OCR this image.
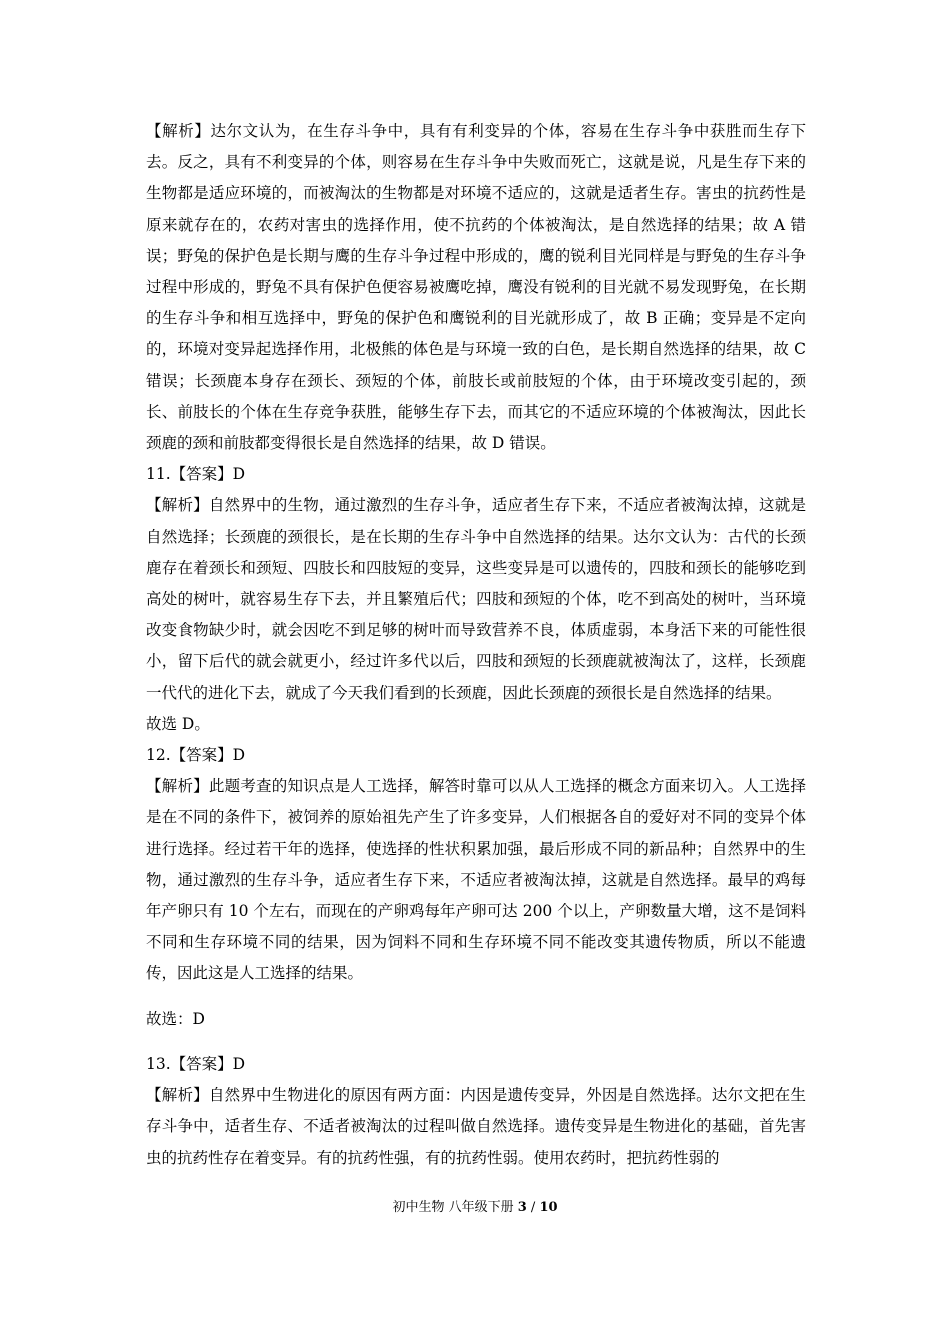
【解析】达尔文认为，在生存斗争中，具有有利变异的个体，容易在生存斗争中获胜而生存下去。反之，具有不利变异的个体，则容易在生存斗争中失败而死亡，这就是说，凡是生存下来的生物都是适应环境的，而被淘汰的生物都是对环境不适应的，这就是适者生存。害虫的抗药性是原来就存在的，农药对害虫的选择作用，使不抗药的个体被淘汰，是自然选择的结果；故 A 错误；野兔的保护色是长期与鹰的生存斗争过程中形成的，鹰的锐利目光同样是与野兔的生存斗争过程中形成的，野兔不具有保护色便容易被鹰吃掉，鹰没有锐利的目光就不易发现野兔，在长期的生存斗争和相互选择中，野兔的保护色和鹰锐利的目光就形成了，故 B 正确；变异是不定向的，环境对变异起选择作用，北极熊的体色是与环境一致的白色，是长期自然选择的结果，故 C 错误；长颈鹿本身存在颈长、颈短的个体，前肢长或前肢短的个体，由于环境改变引起的，颈长、前肢长的个体在生存竞争获胜，能够生存下去，而其它的不适应环境的个体被淘汰，因此长颈鹿的颈和前肢都变得很长是自然选择的结果，故 D 错误。

11.【答案】D

【解析】自然界中的生物，通过激烈的生存斗争，适应者生存下来，不适应者被淘汰掉，这就是自然选择；长颈鹿的颈很长，是在长期的生存斗争中自然选择的结果。达尔文认为：古代的长颈鹿存在着颈长和颈短、四肢长和四肢短的变异，这些变异是可以遗传的，四肢和颈长的能够吃到高处的树叶，就容易生存下去，并且繁殖后代；四肢和颈短的个体，吃不到高处的树叶，当环境改变食物缺少时，就会因吃不到足够的树叶而导致营养不良，体质虚弱，本身活下来的可能性很小，留下后代的就会就更小，经过许多代以后，四肢和颈短的长颈鹿就被淘汰了，这样，长颈鹿一代代的进化下去，就成了今天我们看到的长颈鹿，因此长颈鹿的颈很长是自然选择的结果。

故选 D。

12.【答案】D

【解析】此题考查的知识点是人工选择，解答时靠可以从人工选择的概念方面来切入。人工选择是在不同的条件下，被饲养的原始祖先产生了许多变异，人们根据各自的爱好对不同的变异个体进行选择。经过若干年的选择，使选择的性状积累加强，最后形成不同的新品种；自然界中的生物，通过激烈的生存斗争，适应者生存下来，不适应者被淘汰掉，这就是自然选择。最早的鸡每年产卵只有 10 个左右，而现在的产卵鸡每年产卵可达 200 个以上，产卵数量大增，这不是饲料不同和生存环境不同的结果，因为饲料不同和生存环境不同不能改变其遗传物质，所以不能遗传，因此这是人工选择的结果。

故选：D

13.【答案】D

【解析】自然界中生物进化的原因有两方面：内因是遗传变异，外因是自然选择。达尔文把在生存斗争中，适者生存、不适者被淘汰的过程叫做自然选择。遗传变异是生物进化的基础，首先害虫的抗药性存在着变异。有的抗药性强，有的抗药性弱。使用农药时，把抗药性弱的

初中生物 八年级下册 3 / 10
